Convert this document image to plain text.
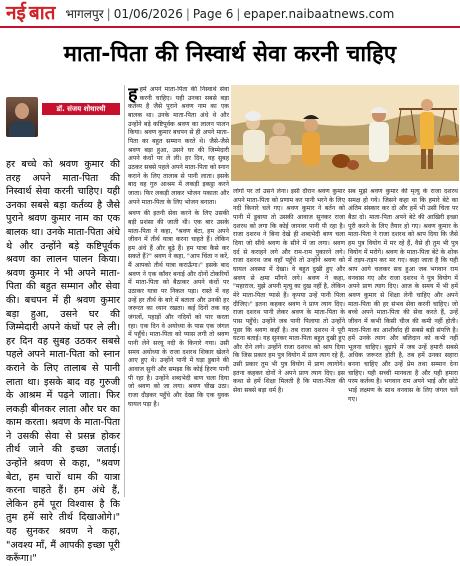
नई बात भागलपुर | 01/06/2026 | Page 6 | epaper.naibaatnews.com
माता-पिता की निस्वार्थ सेवा करनी चाहिए
डॉ. संजय शोधारथी
हर बच्चे को श्रवण कुमार की तरह अपने माता-पिता की निस्वार्थ सेवा करनी चाहिए। यही उनका सबसे बड़ा कर्तव्य है जैसे पुराने श्रवण कुमार नाम का एक बालक था। उनके माता-पिता अंधे थे और उन्होंने बड़े कष्टिपूर्वक श्रवण का लालन पालन किया। श्रवण कुमार ने भी अपने माता-पिता की बहुत सम्मान और सेवा की। बचपन में ही श्रवण कुमार बड़ा हुआ, उसने घर की जिम्मेदारी अपने कंधों पर ले ली। हर दिन वह सुबह उठकर सबसे पहले अपने माता-पिता को स्नान कराने के लिए तालाब से पानी लाता था। इसके बाद वह गुरुजी के आश्रम में पढ़ने जाता। फिर लकड़ी बीनकर लाता और घर का काम करता। श्रवण के माता-पिता ने उसकी सेवा से प्रसन्न होकर तीर्थ जाने की इच्छा जताई। उन्होंने श्रवण से कहा, "श्रवण बेटा, हम चारों धाम की यात्रा करना चाहते हैं। हम अंधे हैं, लेकिन हमें पूरा विश्वास है कि तुम हमें सारे तीर्थ दिखाओगे।" यह सुनकर श्रवण ने कहा, "अवश्य माँ, मैं आपकी इच्छा पूरी करूँगा।"
ह हमें अपने माता-पिता की निस्वार्थ सेवा करनी चाहिए। यही उनका सबसे बड़ा कर्तव्य है जैसे पुराने श्रवण नाम का एक बालक था। उनके माता-पिता अंधे थे और उन्होंने बड़े कष्टिपूर्वक श्रवण का लालन पालन किया। श्रवण कुमार बचपन से ही अपने माता-पिता का बहुत सम्मान करते थे। जैसे-जैसे श्रवण बड़ा हुआ, उसने घर की जिम्मेदारी अपने कंधों पर ले ली। हर दिन, वह सुबह उठकर सबसे पहले अपने माता-पिता को स्नान कराने के लिए तालाब से पानी लाता। इसके बाद वह गुरु आश्रम में लकड़ी इकट्ठा करने जाता। फिर लकड़ी लाकर भोजन पकाता और अपने माता-पिता के लिए भोजन बनाता।

श्रवण की इतनी सेवा करने के लिए उसकी बड़ी प्रशंसा की जाती थी। एक बार उसके माता-पिता ने कहा, "श्रवण बेटा, हम अपने जीवन में तीर्थ यात्रा करना चाहते हैं। लेकिन हम अंधे हैं और बूढ़े हैं। हम यात्रा कैसे कर सकते हैं?" श्रवण ने कहा, "आप चिंता न करें, मैं आपको तीर्थ यात्रा कराऊँगा।" इसके बाद श्रवण ने एक काँवर बनाई और दोनों टोकरियों में माता-पिता को बैठाकर अपने कंधों पर उठाकर यात्रा पर निकल पड़ा। रास्ते में वह उन्हें हर तीर्थ के बारे में बताता और उनकी हर जरूरत का ध्यान रखता। कई दिनों तक वह जंगलों, पहाड़ों और नदियों को पार करता रहा। एक दिन वे अयोध्या के पास एक जंगल में पहुँचे। माता-पिता को प्यास लगी तो श्रवण पानी लेने सरयू नदी के किनारे गया। उसी समय अयोध्या के राजा दशरथ शिकार खेलने आए हुए थे। उन्होंने पानी में घड़ा डुबाने की आवाज सुनी और समझा कि कोई हिरण पानी पी रहा है। उन्होंने शब्दभेदी बाण चला दिया जो श्रवण को जा लगा। श्रवण चीख उठा। राजा दौड़कर पहुँचे और देखा कि एक युवक घायल पड़ा है।

लोगों पर तो उसने लेना। इसी दौरान श्रवण कुमार अपने माता-पिता को प्रणाम कर पानी भरने के लिए नदी किनारे चले गए। श्रवण कुमार ने बर्तन को पानी में डुबाया तो उसकी आवाज सुनकर राजा दशरथ को लगा कि कोई जानवर पानी पी रहा है। राजा दशरथ ने बिना देखे ही शब्दभेदी बाण चला दिया जो सीधे श्रवण के सीने में जा लगा। श्रवण दर्द से कराहने लगे और राम-राम पुकारने लगे। राजा दशरथ जब वहाँ पहुँचे तो उन्होंने श्रवण को घायल अवस्था में देखा। वे बहुत दुखी हुए और श्रवण से क्षमा माँगने लगे। श्रवण ने कहा, "महाराज, मुझे अपनी मृत्यु का दुख नहीं है, लेकिन मेरे माता-पिता प्यासे हैं। कृपया उन्हें पानी पिला दीजिए।" इतना कहकर श्रवण ने प्राण त्याग दिए। राजा दशरथ पानी लेकर श्रवण के माता-पिता के पास पहुँचे। उन्होंने जब पानी पिलाया तो उन्होंने पूछा कि श्रवण कहाँ है। तब राजा दशरथ ने पूरी घटना बताई। यह सुनकर माता-पिता बहुत दुखी हुए और रोने लगे। उन्होंने राजा दशरथ को श्राप दिया कि जिस प्रकार हम पुत्र वियोग में प्राण त्याग रहे हैं, उसी प्रकार तुम भी पुत्र वियोग में प्राण त्यागोगे। इतना कहकर दोनों ने अपने प्राण त्याग दिए। इस कथा से हमें शिक्षा मिलती है कि माता-पिता की सेवा सबसे बड़ा धर्म है।

सब मुझे श्रवण कुमार की मृत्यु के राजा दशरथ समक्ष हो गये। जिसने कहा था कि हमारे बेटे का अंतिम संस्कार कर दो और हमें भी उसी चिता पर बैठा दो। माता-पिता अपने बेटे की आखिरी इच्छा पूरी करने के लिए तैयार हो गए। श्रवण कुमार के माता-पिता ने राजा दशरथ को श्राप दिया कि जैसे हम पुत्र वियोग में मर रहे हैं, वैसे ही तुम भी पुत्र वियोग में मरोगे। श्रवण के माता-पिता बेटे के शोक में तड़प-तड़प कर मर गए। कहा जाता है कि यही श्राप आगे चलकर सच हुआ जब भगवान राम वनवास गए और राजा दशरथ ने पुत्र वियोग में अपने प्राण त्याग दिए। आज के समय में भी हमें श्रवण कुमार से शिक्षा लेनी चाहिए और अपने माता-पिता की हर संभव सेवा करनी चाहिए। जो बच्चे अपने माता-पिता की सेवा करते हैं, उन्हें जीवन में कभी किसी चीज की कमी नहीं होती। माता-पिता का आशीर्वाद ही सबसे बड़ी संपत्ति है। हमें उनके त्याग और बलिदान को कभी नहीं भूलना चाहिए। बुढ़ापे में जब उन्हें हमारी सबसे अधिक जरूरत होती है, तब हमें उनका सहारा बनना चाहिए और उन्हें प्रेम तथा सम्मान देना चाहिए। यही सच्ची मानवता है और यही हमारा परम कर्तव्य है। भगवान राम अपने भाई और छोटे भाई लक्ष्मण के साथ वनवास के लिए जंगल चले गए।
